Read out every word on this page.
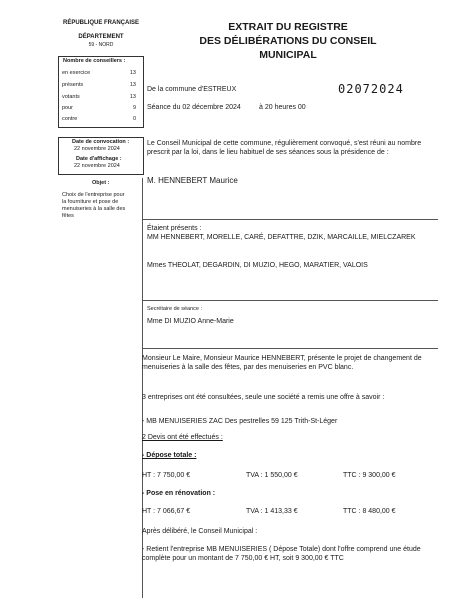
RÉPUBLIQUE FRANÇAISE
DÉPARTEMENT
59 - NORD
EXTRAIT DU REGISTRE
DES DÉLIBÉRATIONS DU CONSEIL
MUNICIPAL
Nombre de conseillers :
en exercice	13
présents	13
votants	13
pour	9
contre	0
Date de convocation :
22 novembre 2024
Date d'affichage :
22 novembre 2024
Objet :
Choix de l'entreprise pour
la fourniture et pose de
menuiseries à la salle des
fêtes
De la commune d'ESTREUX	02072024
Séance du 02 décembre 2024	à 20 heures 00
Le Conseil Municipal de cette commune, régulièrement convoqué, s'est réuni au nombre prescrit par la loi, dans le lieu habituel de ses séances sous la présidence de :
M. HENNEBERT Maurice
Étaient présents :
MM HENNEBERT, MORELLE, CARÉ, DEFATTRE, DZIK, MARCAILLE, MIELCZAREK
Mmes THEOLAT, DEGARDIN, DI MUZIO, HEGO, MARATIER, VALOIS
Secrétaire de séance :
Mme DI MUZIO Anne-Marie
Monsieur Le Maire, Monsieur Maurice HENNEBERT, présente le projet de changement de menuiseries à la salle des fêtes, par des menuiseries en PVC blanc.
3 entreprises ont été consultées, seule une société a remis une offre à savoir :
- MB MENUISERIES ZAC Des pestrelles 59 125 Trith-St-Léger
2 Devis ont été effectués :
- Dépose totale :
HT : 7 750,00 €	TVA : 1 550,00 €	TTC : 9 300,00 €
- Pose en rénovation :
HT : 7 066,67 €	TVA : 1 413,33 €	TTC : 8 480,00 €
Après délibéré, le Conseil Municipal :
- Retient l'entreprise MB MENUISERIES ( Dépose Totale) dont l'offre comprend une étude complète pour un montant de 7 750,00 € HT, soit 9 300,00 € TTC
